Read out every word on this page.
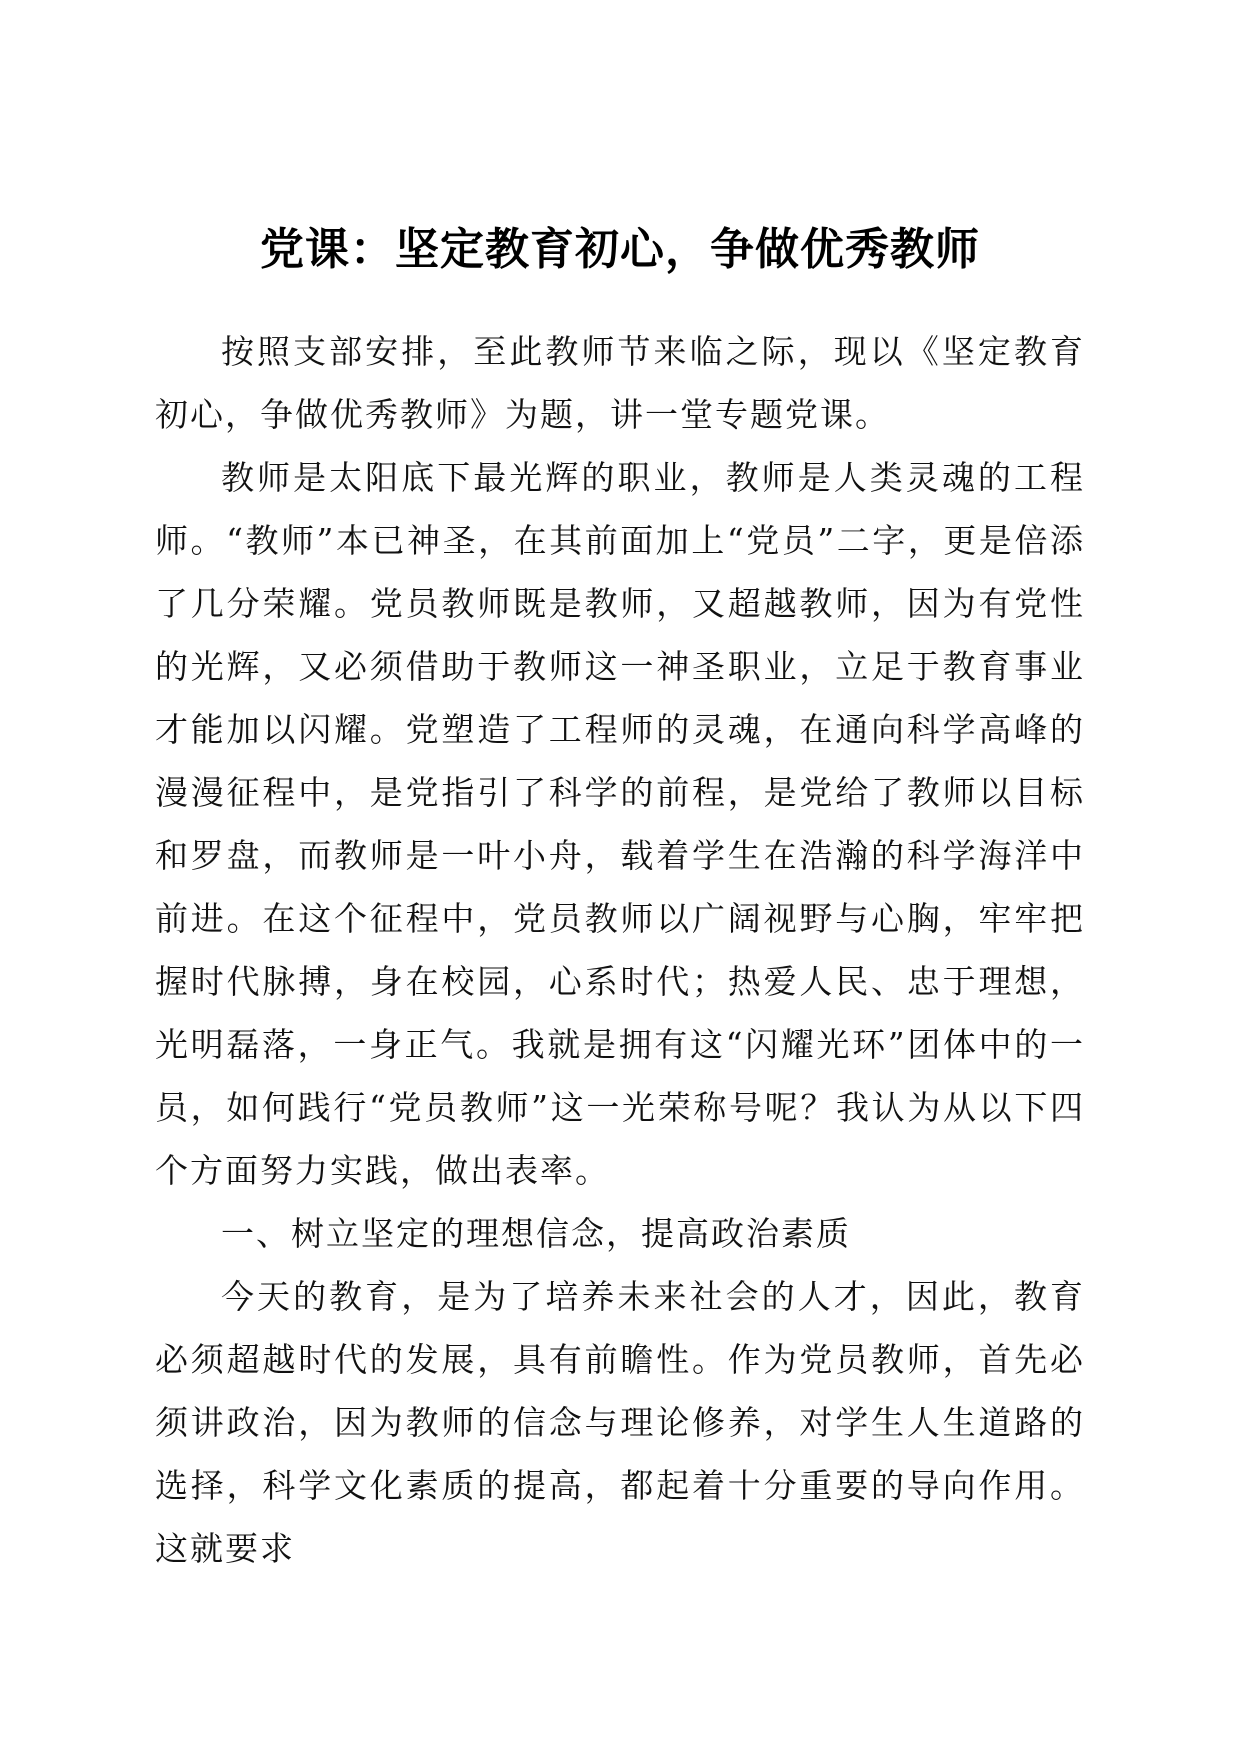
党课：坚定教育初心，争做优秀教师

按照支部安排，至此教师节来临之际，现以《坚定教育初心，争做优秀教师》为题，讲一堂专题党课。

教师是太阳底下最光辉的职业，教师是人类灵魂的工程师。“教师”本已神圣，在其前面加上“党员”二字，更是倍添了几分荣耀。党员教师既是教师，又超越教师，因为有党性的光辉，又必须借助于教师这一神圣职业，立足于教育事业才能加以闪耀。党塑造了工程师的灵魂，在通向科学高峰的漫漫征程中，是党指引了科学的前程，是党给了教师以目标和罗盘，而教师是一叶小舟，载着学生在浩瀚的科学海洋中前进。在这个征程中，党员教师以广阔视野与心胸，牢牢把握时代脉搏，身在校园，心系时代；热爱人民、忠于理想，光明磊落，一身正气。我就是拥有这“闪耀光环”团体中的一员，如何践行“党员教师”这一光荣称号呢？我认为从以下四个方面努力实践，做出表率。

一、树立坚定的理想信念，提高政治素质

今天的教育，是为了培养未来社会的人才，因此，教育必须超越时代的发展，具有前瞻性。作为党员教师，首先必须讲政治，因为教师的信念与理论修养，对学生人生道路的选择，科学文化素质的提高，都起着十分重要的导向作用。这就要求
